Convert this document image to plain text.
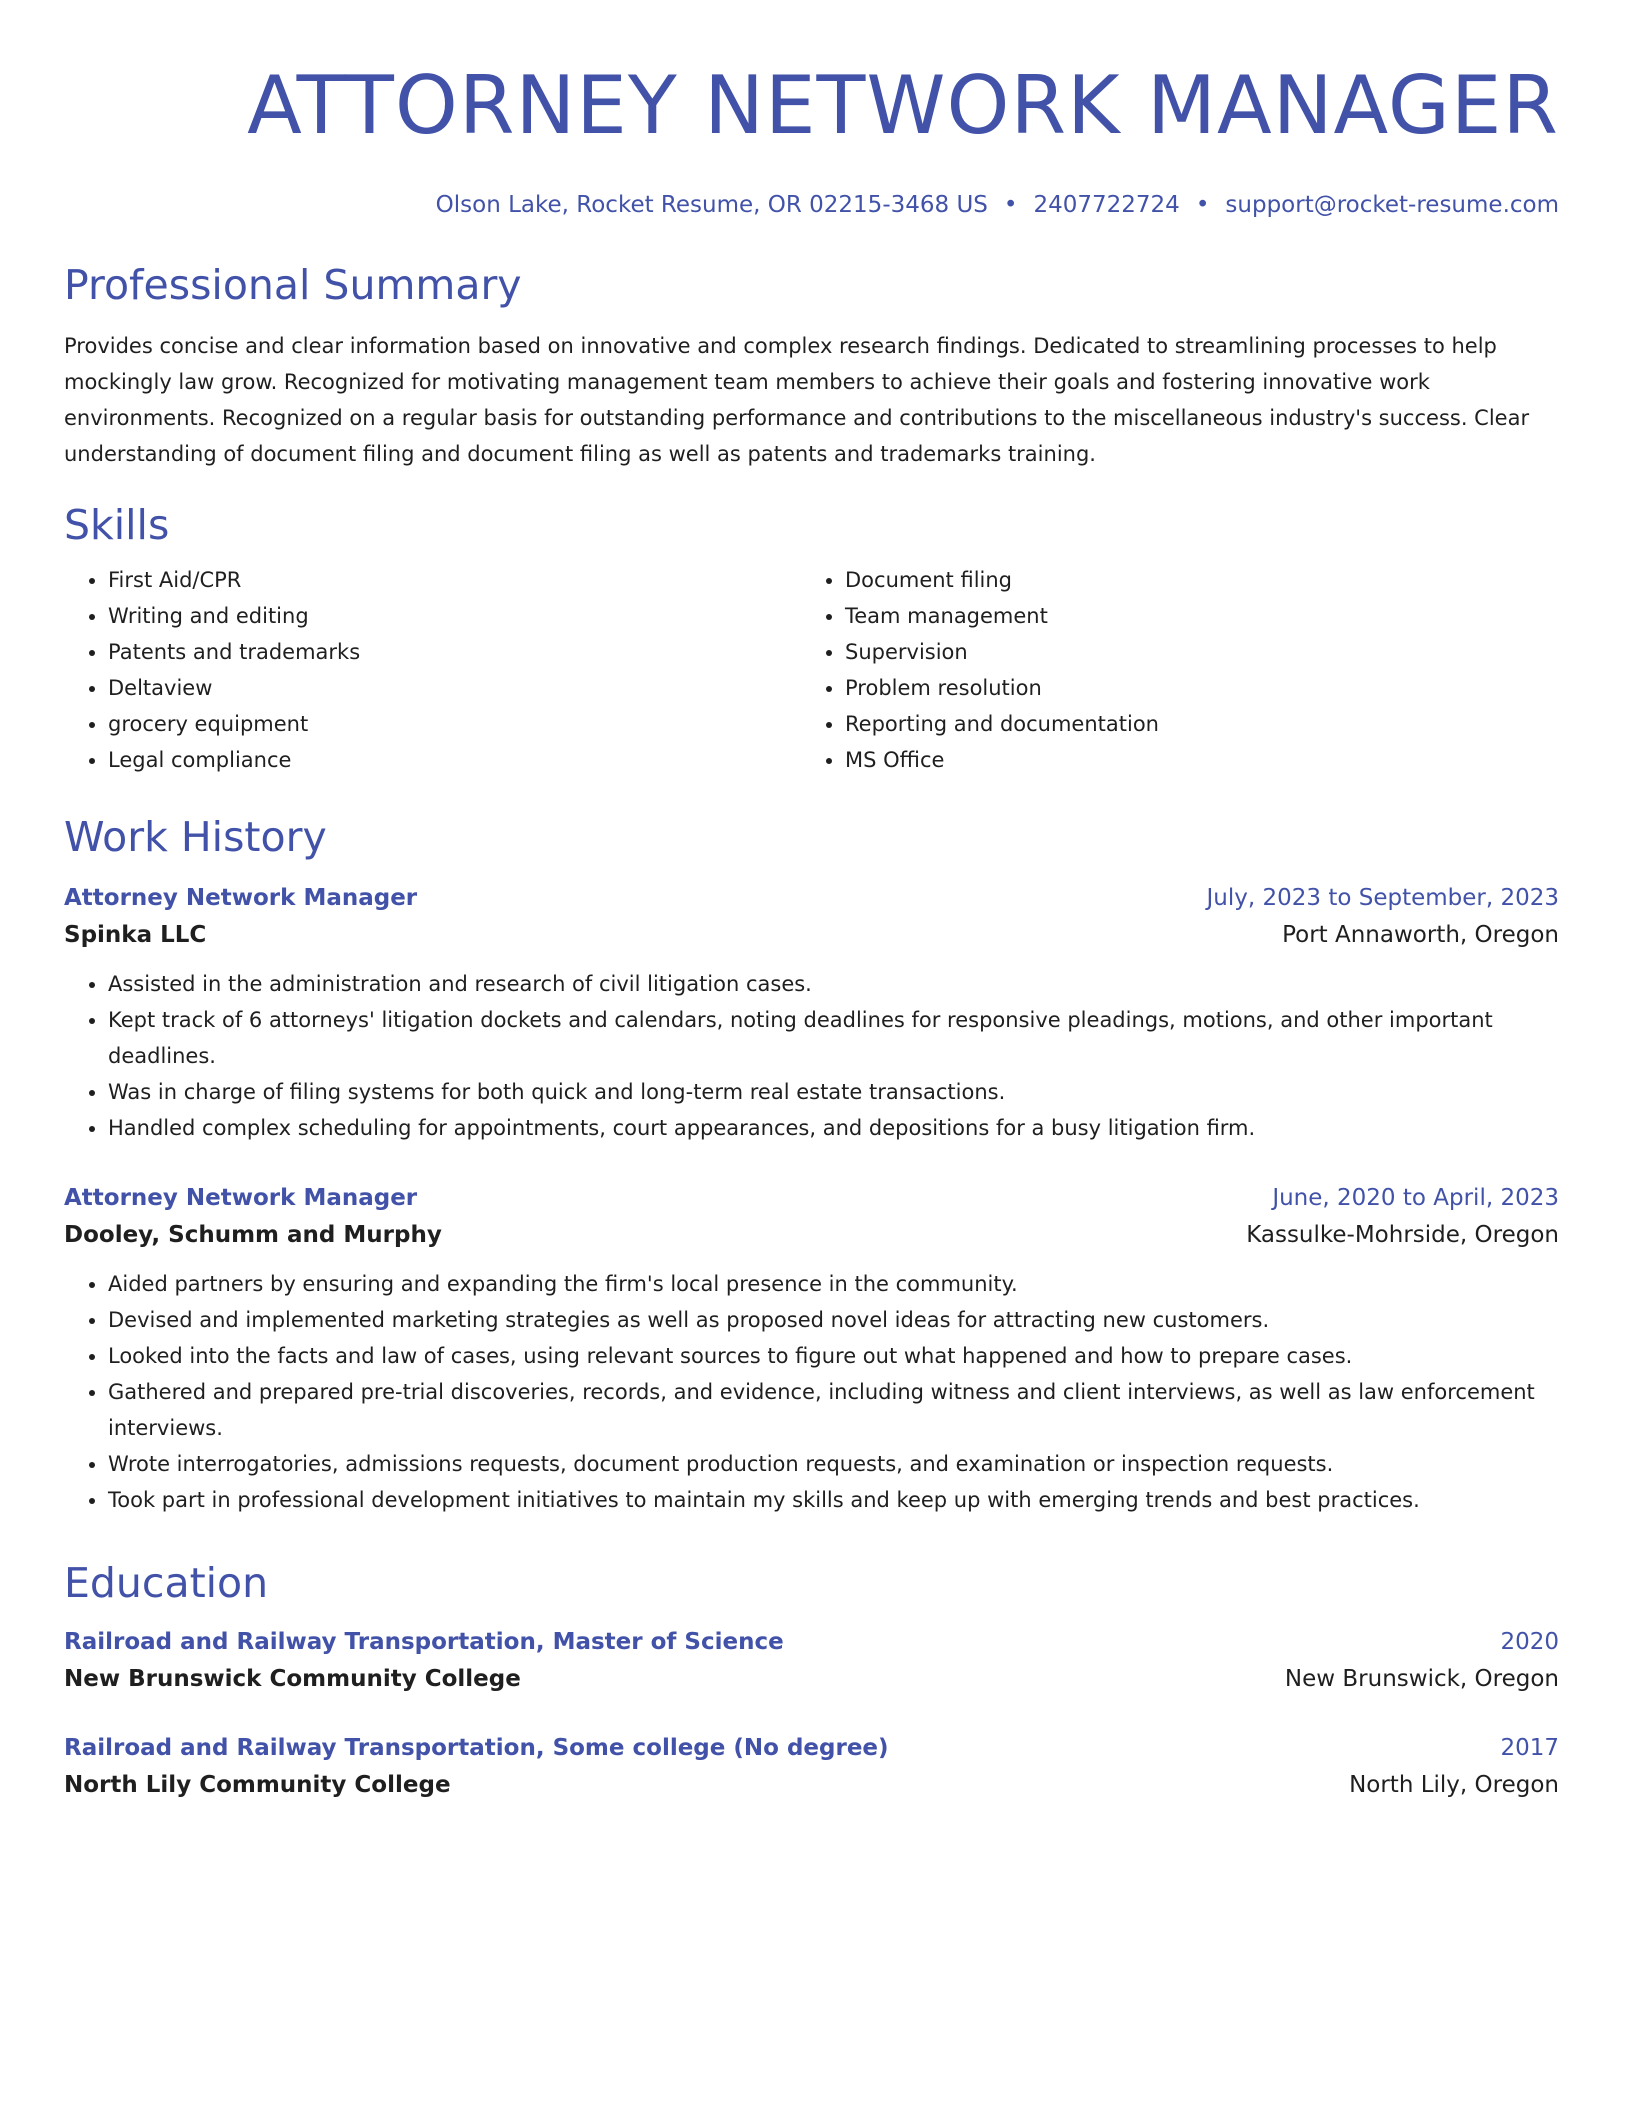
ATTORNEY NETWORK MANAGER
Olson Lake, Rocket Resume, OR 02215-3468 US • 2407722724 • support@rocket-resume.com
Professional Summary

Provides concise and clear information based on innovative and complex research findings. Dedicated to streamlining processes to help mockingly law grow. Recognized for motivating management team members to achieve their goals and fostering innovative work environments. Recognized on a regular basis for outstanding performance and contributions to the miscellaneous industry's success. Clear understanding of document filing and document filing as well as patents and trademarks training.

Skills
• First Aid/CPR
• Writing and editing
• Patents and trademarks
• Deltaview
• grocery equipment
• Legal compliance
• Document filing
• Team management
• Supervision
• Problem resolution
• Reporting and documentation
• MS Office
Work History
Attorney Network Manager	July, 2023 to September, 2023
Spinka LLC	Port Annaworth, Oregon
• Assisted in the administration and research of civil litigation cases.
• Kept track of 6 attorneys' litigation dockets and calendars, noting deadlines for responsive pleadings, motions, and other important deadlines.
• Was in charge of filing systems for both quick and long-term real estate transactions.
• Handled complex scheduling for appointments, court appearances, and depositions for a busy litigation firm.
Attorney Network Manager	June, 2020 to April, 2023
Dooley, Schumm and Murphy	Kassulke-Mohrside, Oregon
• Aided partners by ensuring and expanding the firm's local presence in the community.
• Devised and implemented marketing strategies as well as proposed novel ideas for attracting new customers.
• Looked into the facts and law of cases, using relevant sources to figure out what happened and how to prepare cases.
• Gathered and prepared pre-trial discoveries, records, and evidence, including witness and client interviews, as well as law enforcement interviews.
• Wrote interrogatories, admissions requests, document production requests, and examination or inspection requests.
• Took part in professional development initiatives to maintain my skills and keep up with emerging trends and best practices.
Education
Railroad and Railway Transportation, Master of Science	2020
New Brunswick Community College	New Brunswick, Oregon
Railroad and Railway Transportation, Some college (No degree)	2017
North Lily Community College	North Lily, Oregon
